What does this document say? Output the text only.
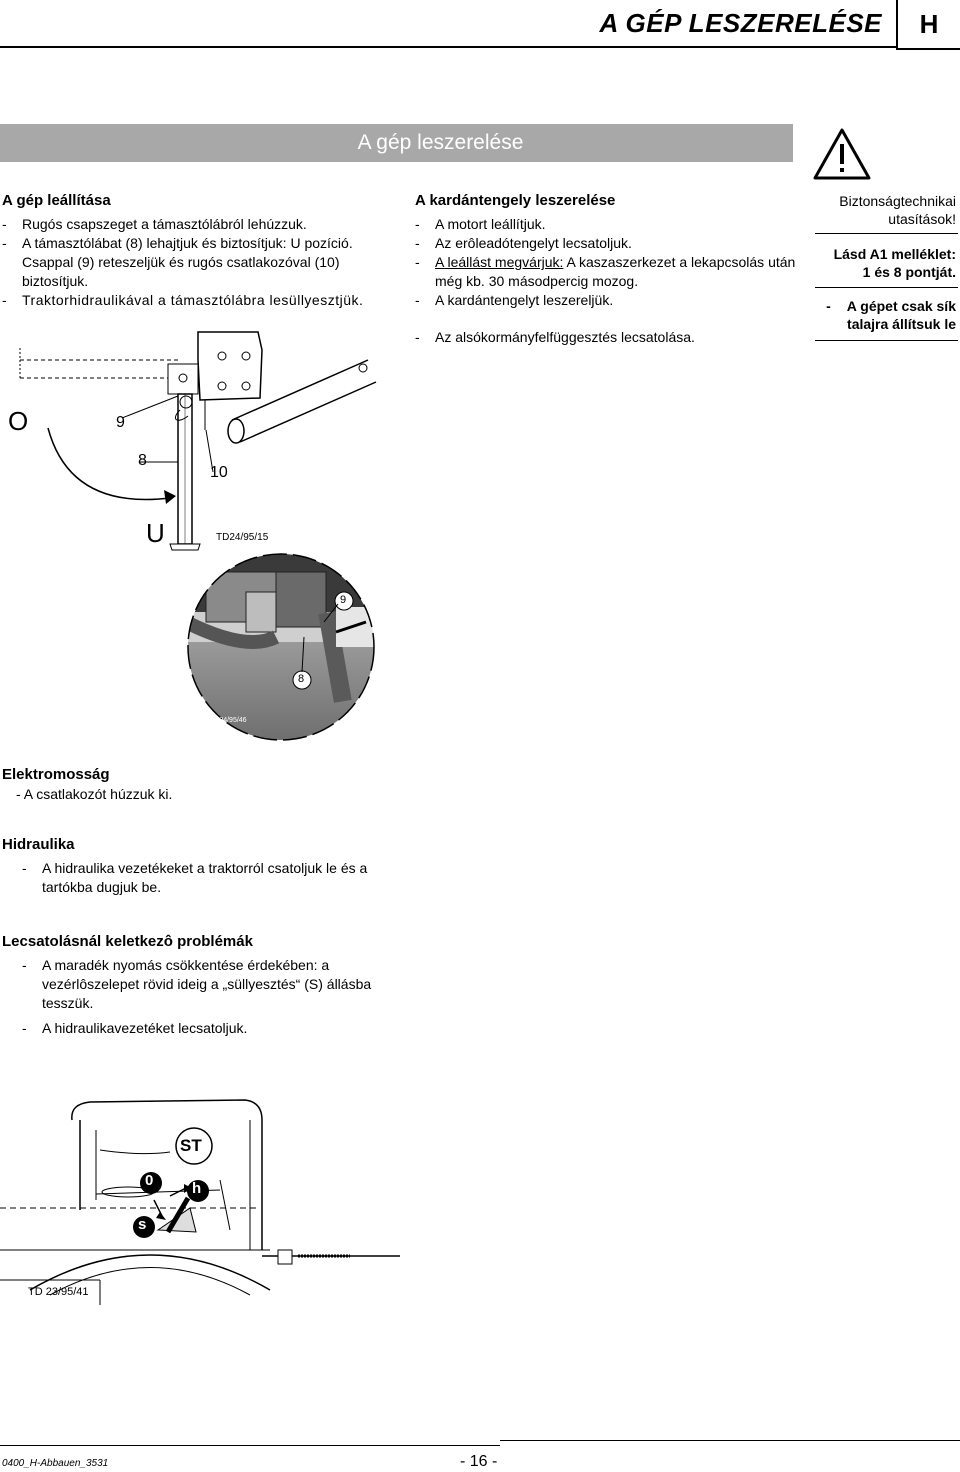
A GÉP LESZERELÉSE	H
A gép leszerelése
Biztonságtechnikai
utasítások!
Lásd A1 melléklet:
1 és 8 pontját.
- A gépet csak sík
talajra állítsuk le
A gép leállítása
- Rugós csapszeget a támasztólábról lehúzzuk.
- A támasztólábat (8) lehajtjuk és biztosítjuk: U pozíció. Csappal (9) reteszeljük és rugós csatlakozóval (10) biztosítjuk.
- Traktorhidraulikával a támasztólábra lesüllyesztjük.
A kardántengely leszerelése
- A motort leállítjuk.
- Az erôleadótengelyt lecsatoljuk.
- A leállást megvárjuk: A kaszaszerkezet a lekapcsolás után még kb. 30 másodpercig mozog.
- A kardántengelyt leszereljük.
- Az alsókormányfelfüggesztés lecsatolása.
O	9
8
10
U	TD24/95/15
9
8
TD24/95/46
Elektromosság
- A csatlakozót húzzuk ki.
Hidraulika
- A hidraulika vezetékeket a traktorról csatoljuk le és a tartókba dugjuk be.
Lecsatolásnál keletkezô problémák
- A maradék nyomás csökkentése érdekében: a vezérlôszelepet rövid ideig a „süllyesztés“ (S) állásba tesszük.
- A hidraulikavezetéket lecsatoljuk.
ST
0	h
s
TD 23/95/41
0400_H-Abbauen_3531	- 16 -
